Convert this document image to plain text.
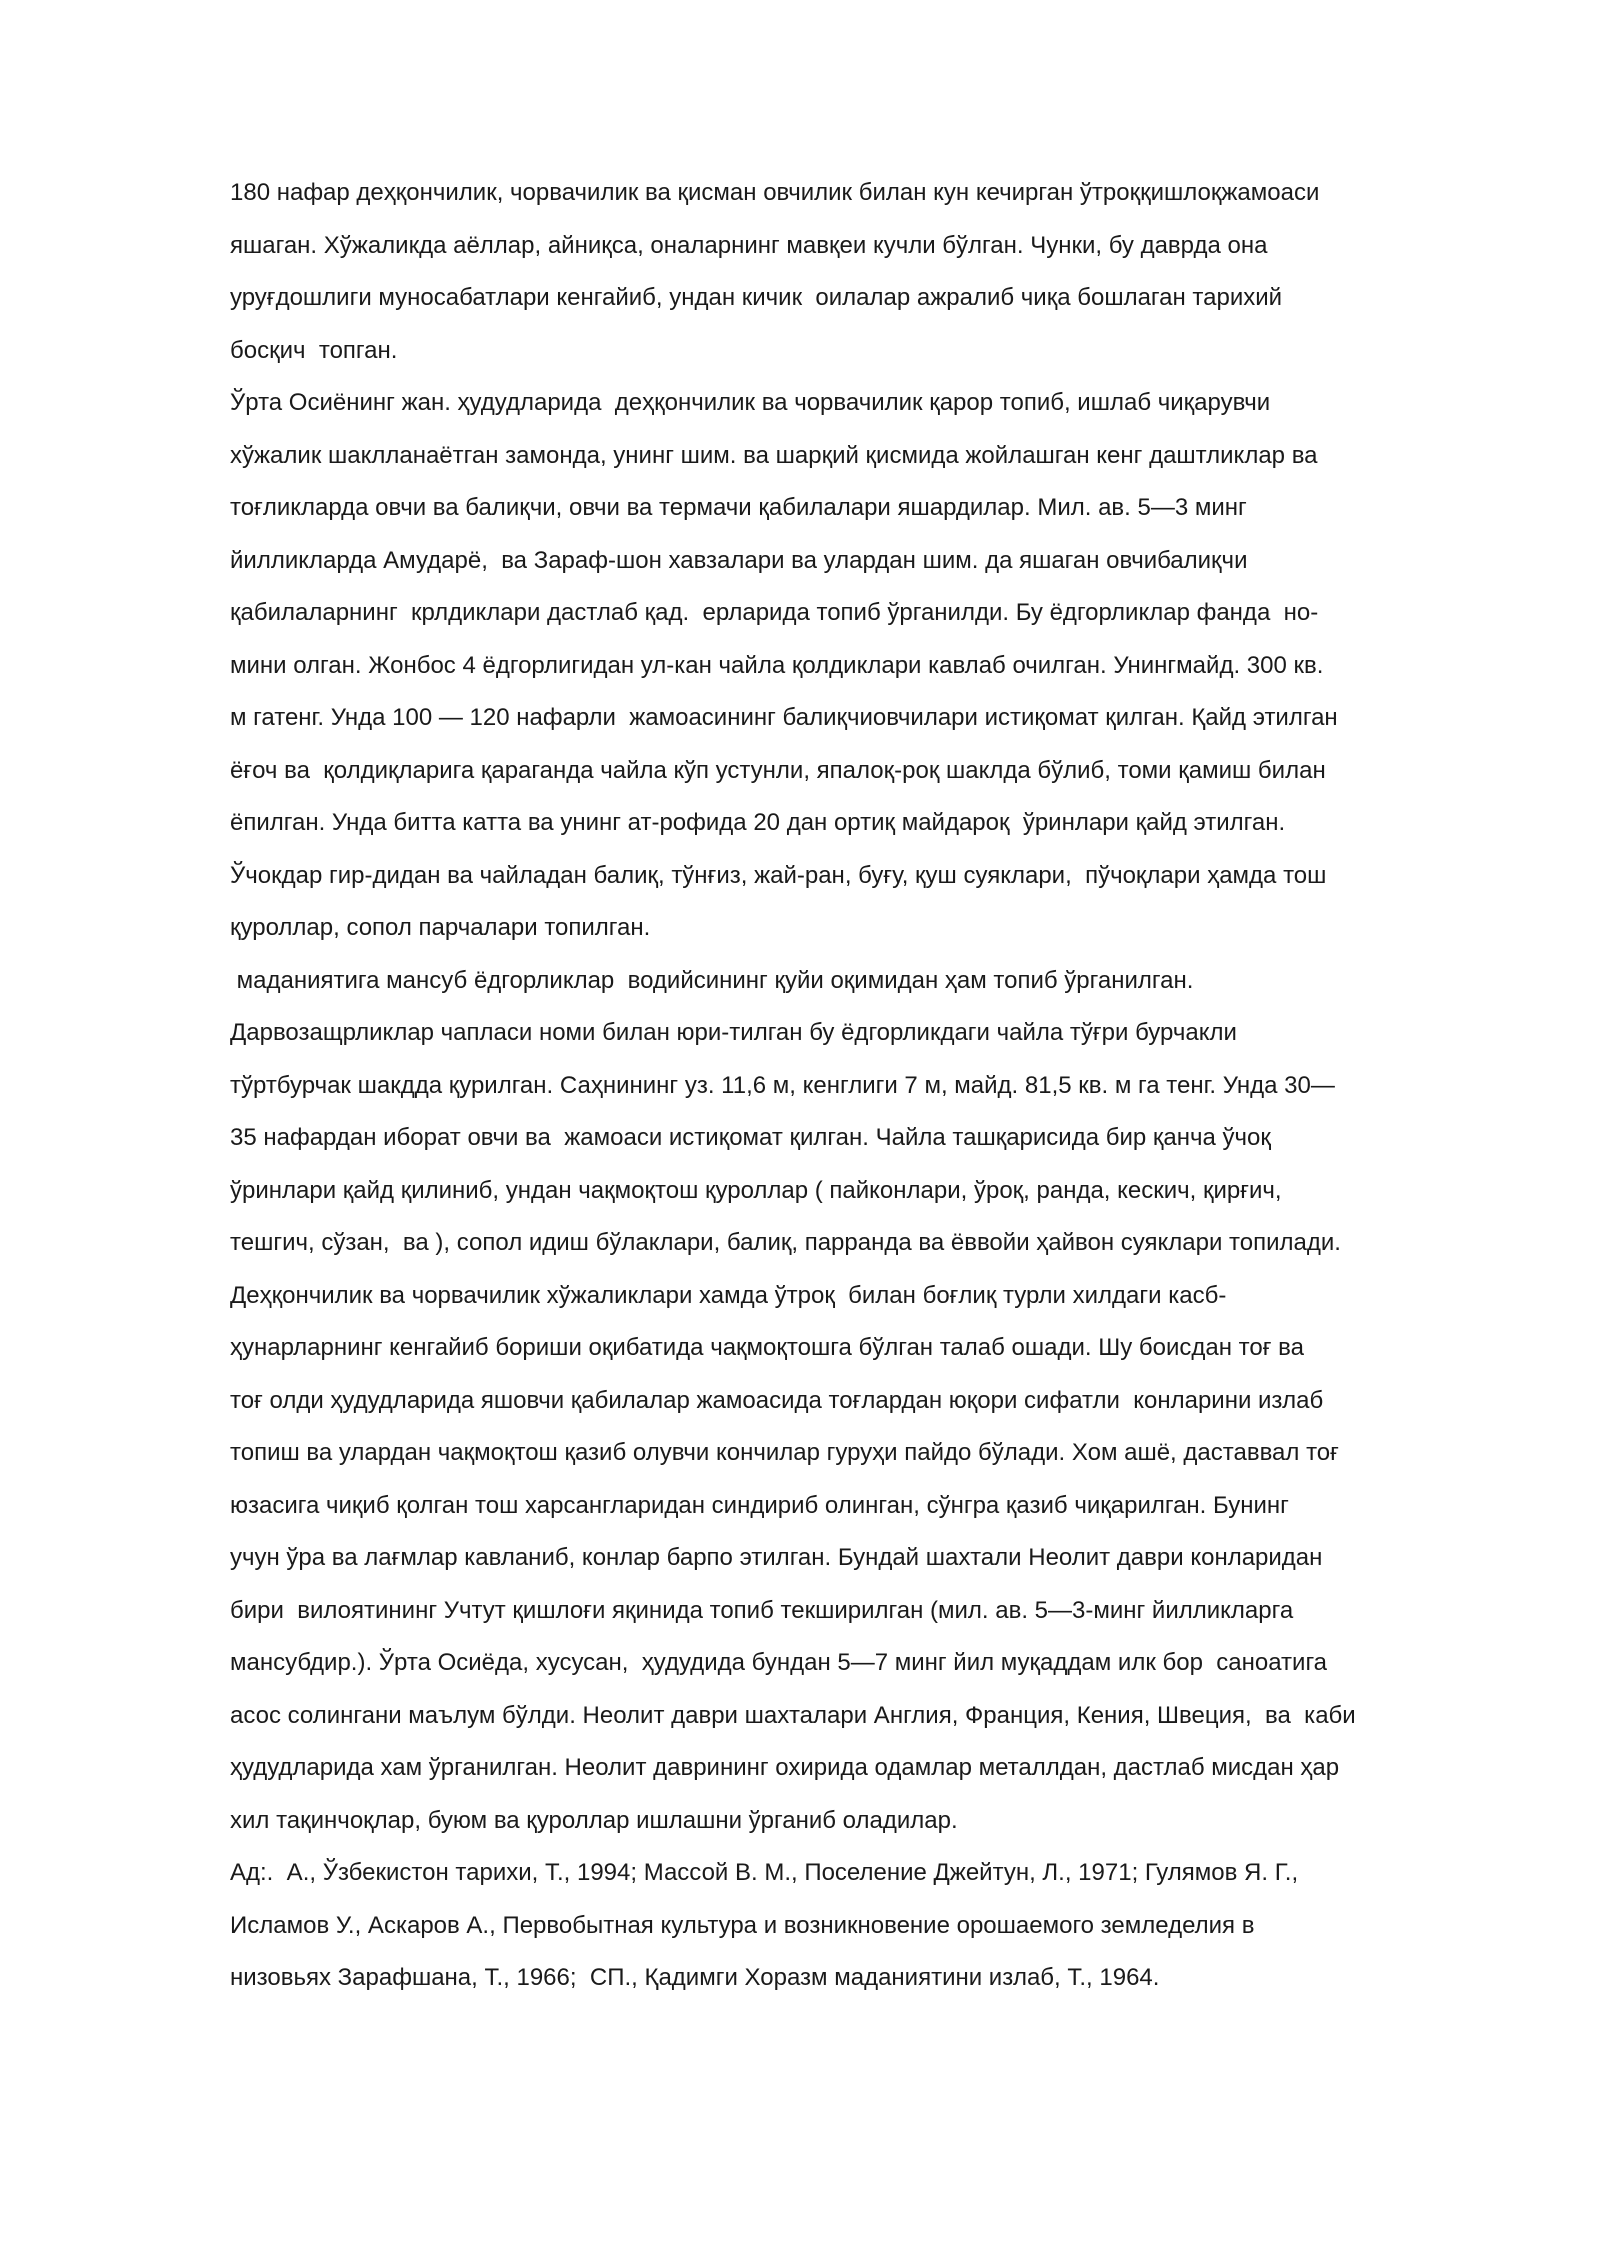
180 нафар деҳқончилик, чорвачилик ва қисман овчилик билан кун кечирган ўтроққишлоқжамоаси
яшаган. Хўжаликда аёллар, айниқса, оналарнинг мавқеи кучли бўлган. Чунки, бу даврда она
уруғдошлиги муносабатлари кенгайиб, ундан кичик  оилалар ажралиб чиқа бошлаган тарихий
босқич  топган.
Ўрта Осиёнинг жан. ҳудудларида  деҳқончилик ва чорвачилик қарор топиб, ишлаб чиқарувчи
хўжалик шаклланаётган замонда, унинг шим. ва шарқий қисмида жойлашган кенг даштликлар ва
тоғликларда овчи ва балиқчи, овчи ва термачи қабилалари яшардилар. Мил. ав. 5—3 минг
йилликларда Амударё,  ва Зараф-шон хавзалари ва улардан шим. да яшаган овчибалиқчи
қабилаларнинг  крлдиклари дастлаб қад.  ерларида топиб ўрганилди. Бу ёдгорликлар фанда  но-
мини олган. Жонбос 4 ёдгорлигидан ул-кан чайла қолдиклари кавлаб очилган. Унингмайд. 300 кв.
м гатенг. Унда 100 — 120 нафарли  жамоасининг балиқчиовчилари истиқомат қилган. Қайд этилган
ёғоч ва  қолдиқларига қараганда чайла кўп устунли, япалоқ-роқ шаклда бўлиб, томи қамиш билан
ёпилган. Унда битта катта ва унинг ат-рофида 20 дан ортиқ майдароқ  ўринлари қайд этилган.
Ўчокдар гир-дидан ва чайладан балиқ, тўнғиз, жай-ран, буғу, қуш суяклари,  пўчоқлари ҳамда тош
қуроллар, сопол парчалари топилган.
маданиятига мансуб ёдгорликлар  водийсининг қуйи оқимидан ҳам топиб ўрганилган.
Дарвозащрликлар чапласи номи билан юри-тилган бу ёдгорликдаги чайла тўғри бурчакли
тўртбурчак шакдда қурилган. Саҳнининг уз. 11,6 м, кенглиги 7 м, майд. 81,5 кв. м га тенг. Унда 30—
35 нафардан иборат овчи ва  жамоаси истиқомат қилган. Чайла ташқарисида бир қанча ўчоқ
ўринлари қайд қилиниб, ундан чақмоқтош қуроллар ( пайконлари, ўроқ, ранда, кескич, қирғич,
тешгич, сўзан,  ва ), сопол идиш бўлаклари, балиқ, парранда ва ёввойи ҳайвон суяклари топилади.
Деҳқончилик ва чорвачилик хўжаликлари хамда ўтроқ  билан боғлиқ турли хилдаги касб-
ҳунарларнинг кенгайиб бориши оқибатида чақмоқтошга бўлган талаб ошади. Шу боисдан тоғ ва
тоғ олди ҳудудларида яшовчи қабилалар жамоасида тоғлардан юқори сифатли  конларини излаб
топиш ва улардан чақмоқтош қазиб олувчи кончилар гуруҳи пайдо бўлади. Хом ашё, даставвал тоғ
юзасига чиқиб қолган тош харсангларидан синдириб олинган, сўнгра қазиб чиқарилган. Бунинг
учун ўра ва лағмлар кавланиб, конлар барпо этилган. Бундай шахтали Неолит даври конларидан
бири  вилоятининг Учтут қишлоғи яқинида топиб текширилган (мил. ав. 5—3-минг йилликларга
мансубдир.). Ўрта Осиёда, хусусан,  ҳудудида бундан 5—7 минг йил муқаддам илк бор  саноатига
асос солингани маълум бўлди. Неолит даври шахталари Англия, Франция, Кения, Швеция,  ва  каби
ҳудудларида хам ўрганилган. Неолит даврининг охирида одамлар металлдан, дастлаб мисдан ҳар
хил тақинчоқлар, буюм ва қуроллар ишлашни ўрганиб оладилар.
Ад:.  А., Ўзбекистон тарихи, Т., 1994; Массой В. М., Поселение Джейтун, Л., 1971; Гулямов Я. Г.,
Исламов У., Аскаров А., Первобытная культура и возникновение орошаемого земледелия в
низовьях Зарафшана, Т., 1966;  СП., Қадимги Хоразм маданиятини излаб, Т., 1964.
